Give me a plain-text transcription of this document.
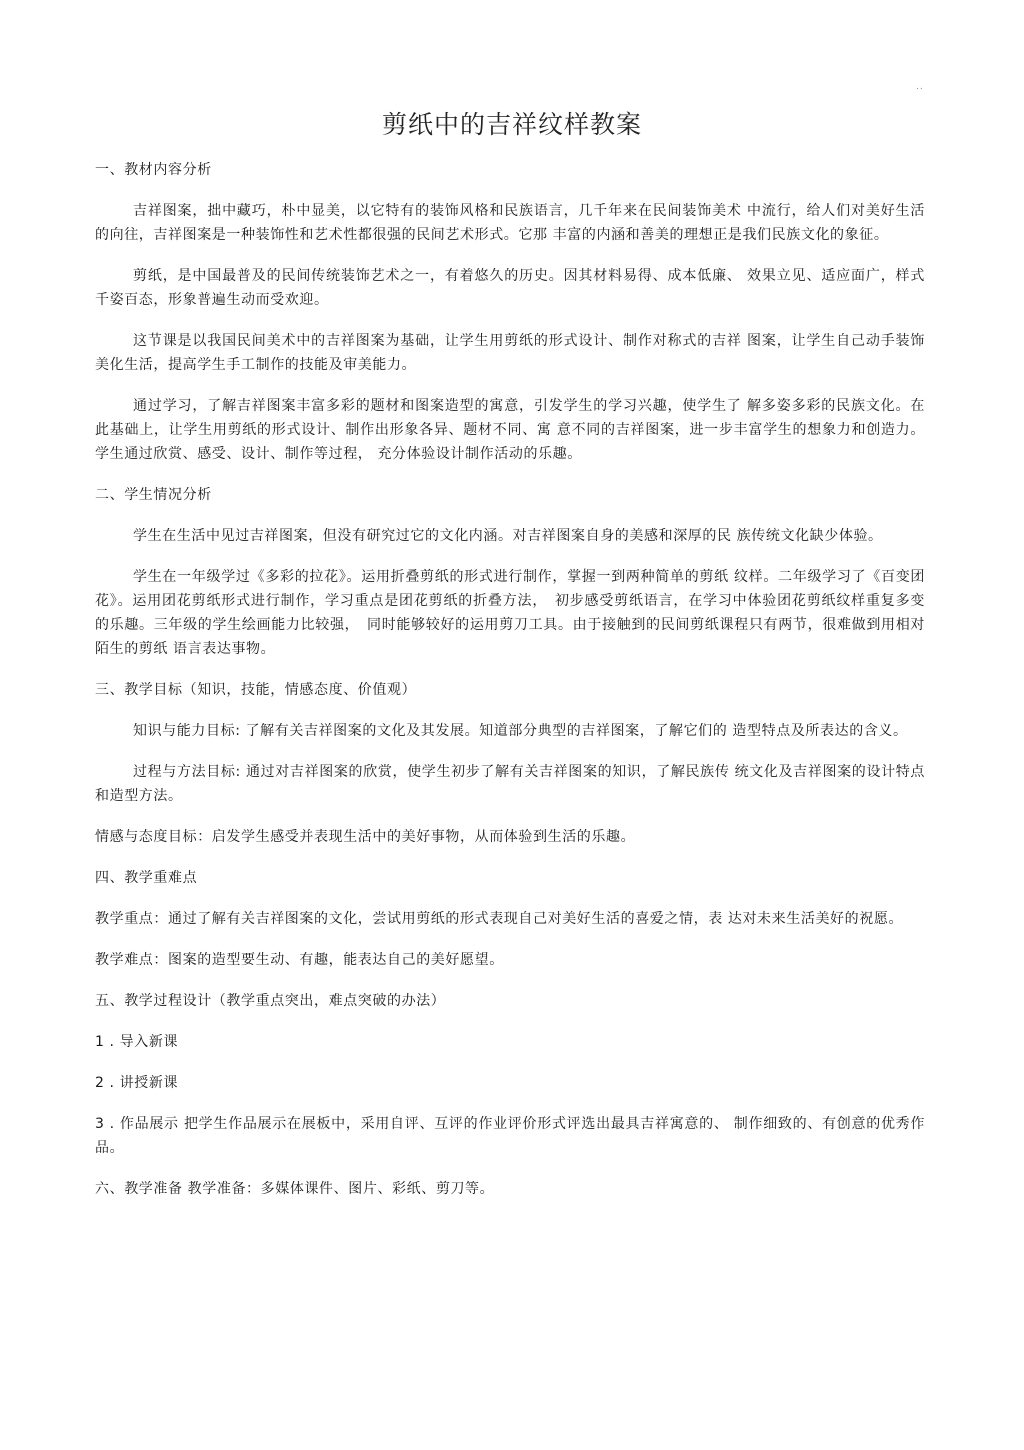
..
剪纸中的吉祥纹样教案

一、教材内容分析

吉祥图案，拙中藏巧，朴中显美，以它特有的装饰风格和民族语言，几千年来在民间装饰美术 中流行，给人们对美好生活的向往，吉祥图案是一种装饰性和艺术性都很强的民间艺术形式。它那 丰富的内涵和善美的理想正是我们民族文化的象征。

剪纸，是中国最普及的民间传统装饰艺术之一，有着悠久的历史。因其材料易得、成本低廉、 效果立见、适应面广，样式千姿百态，形象普遍生动而受欢迎。

这节课是以我国民间美术中的吉祥图案为基础，让学生用剪纸的形式设计、制作对称式的吉祥 图案，让学生自己动手装饰美化生活，提高学生手工制作的技能及审美能力。

通过学习，了解吉祥图案丰富多彩的题材和图案造型的寓意，引发学生的学习兴趣，使学生了 解多姿多彩的民族文化。在此基础上，让学生用剪纸的形式设计、制作出形象各异、题材不同、寓 意不同的吉祥图案，进一步丰富学生的想象力和创造力。学生通过欣赏、感受、设计、制作等过程， 充分体验设计制作活动的乐趣。

二、学生情况分析

学生在生活中见过吉祥图案，但没有研究过它的文化内涵。对吉祥图案自身的美感和深厚的民 族传统文化缺少体验。

学生在一年级学过《多彩的拉花》。运用折叠剪纸的形式进行制作，掌握一到两种简单的剪纸 纹样。二年级学习了《百变团花》。运用团花剪纸形式进行制作，学习重点是团花剪纸的折叠方法，　初步感受剪纸语言，在学习中体验团花剪纸纹样重复多变的乐趣。三年级的学生绘画能力比较强，　同时能够较好的运用剪刀工具。由于接触到的民间剪纸课程只有两节，很难做到用相对陌生的剪纸 语言表达事物。

三、教学目标（知识，技能，情感态度、价值观）

知识与能力目标: 了解有关吉祥图案的文化及其发展。知道部分典型的吉祥图案，了解它们的 造型特点及所表达的含义。

过程与方法目标: 通过对吉祥图案的欣赏，使学生初步了解有关吉祥图案的知识，了解民族传 统文化及吉祥图案的设计特点和造型方法。

情感与态度目标：启发学生感受并表现生活中的美好事物，从而体验到生活的乐趣。

四、教学重难点

教学重点：通过了解有关吉祥图案的文化，尝试用剪纸的形式表现自己对美好生活的喜爱之情，表 达对未来生活美好的祝愿。

教学难点：图案的造型要生动、有趣，能表达自己的美好愿望。

五、教学过程设计（教学重点突出，难点突破的办法）

1 . 导入新课

2 . 讲授新课

3 . 作品展示 把学生作品展示在展板中，采用自评、互评的作业评价形式评选出最具吉祥寓意的、 制作细致的、有创意的优秀作品。

六、教学准备 教学准备：多媒体课件、图片、彩纸、剪刀等。
